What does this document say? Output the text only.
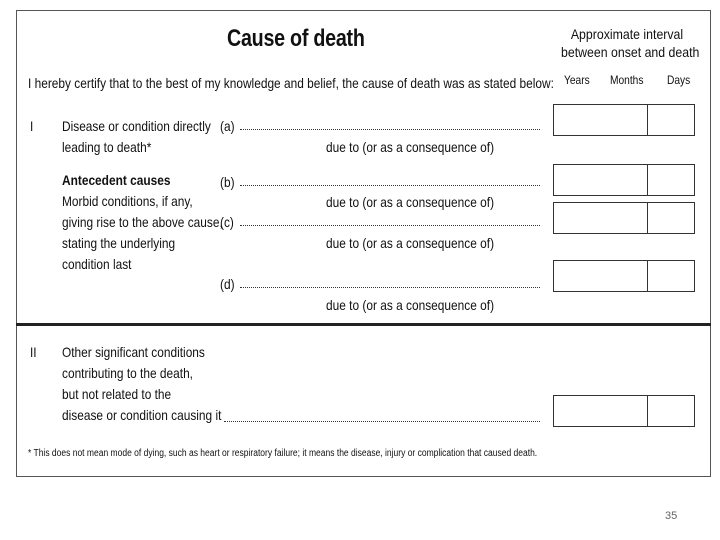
Cause of death	Approximate interval
between onset and death
Years Months Days
I hereby certify that to the best of my knowledge and belief, the cause of death was as stated below:
I Disease or condition directly
leading to death*
Antecedent causes
Morbid conditions, if any,
giving rise to the above cause,
stating the underlying
condition last
(a)
due to (or as a consequence of)
(b)
due to (or as a consequence of)
(c)
due to (or as a consequence of)
(d)
due to (or as a consequence of)
II Other significant conditions
contributing to the death,
but not related to the
disease or condition causing it
* This does not mean mode of dying, such as heart or respiratory failure; it means the disease, injury or complication that caused death.
35
